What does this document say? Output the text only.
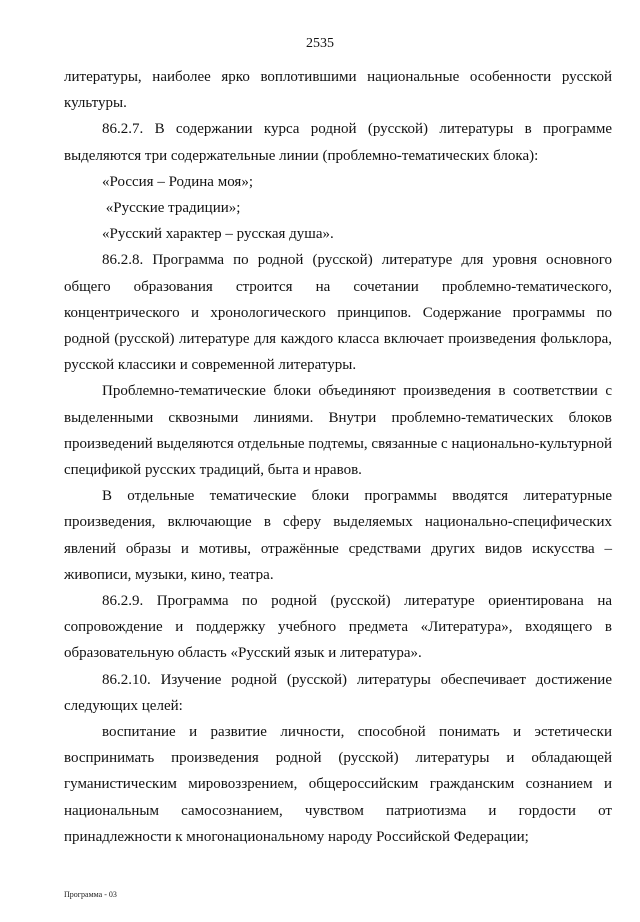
2535

литературы, наиболее ярко воплотившими национальные особенности русской культуры.

86.2.7. В содержании курса родной (русской) литературы в программе выделяются три содержательные линии (проблемно-тематических блока):

«Россия – Родина моя»;

«Русские традиции»;

«Русский характер – русская душа».

86.2.8. Программа по родной (русской) литературе для уровня основного общего образования строится на сочетании проблемно-тематического, концентрического и хронологического принципов. Содержание программы по родной (русской) литературе для каждого класса включает произведения фольклора, русской классики и современной литературы.

Проблемно-тематические блоки объединяют произведения в соответствии с выделенными сквозными линиями. Внутри проблемно-тематических блоков произведений выделяются отдельные подтемы, связанные с национально-культурной спецификой русских традиций, быта и нравов.

В отдельные тематические блоки программы вводятся литературные произведения, включающие в сферу выделяемых национально-специфических явлений образы и мотивы, отражённые средствами других видов искусства – живописи, музыки, кино, театра.

86.2.9. Программа по родной (русской) литературе ориентирована на сопровождение и поддержку учебного предмета «Литература», входящего в образовательную область «Русский язык и литература».

86.2.10. Изучение родной (русской) литературы обеспечивает достижение следующих целей:

воспитание и развитие личности, способной понимать и эстетически воспринимать произведения родной (русской) литературы и обладающей гуманистическим мировоззрением, общероссийским гражданским сознанием и национальным самосознанием, чувством патриотизма и гордости от принадлежности к многонациональному народу Российской Федерации;

Программа - 03
